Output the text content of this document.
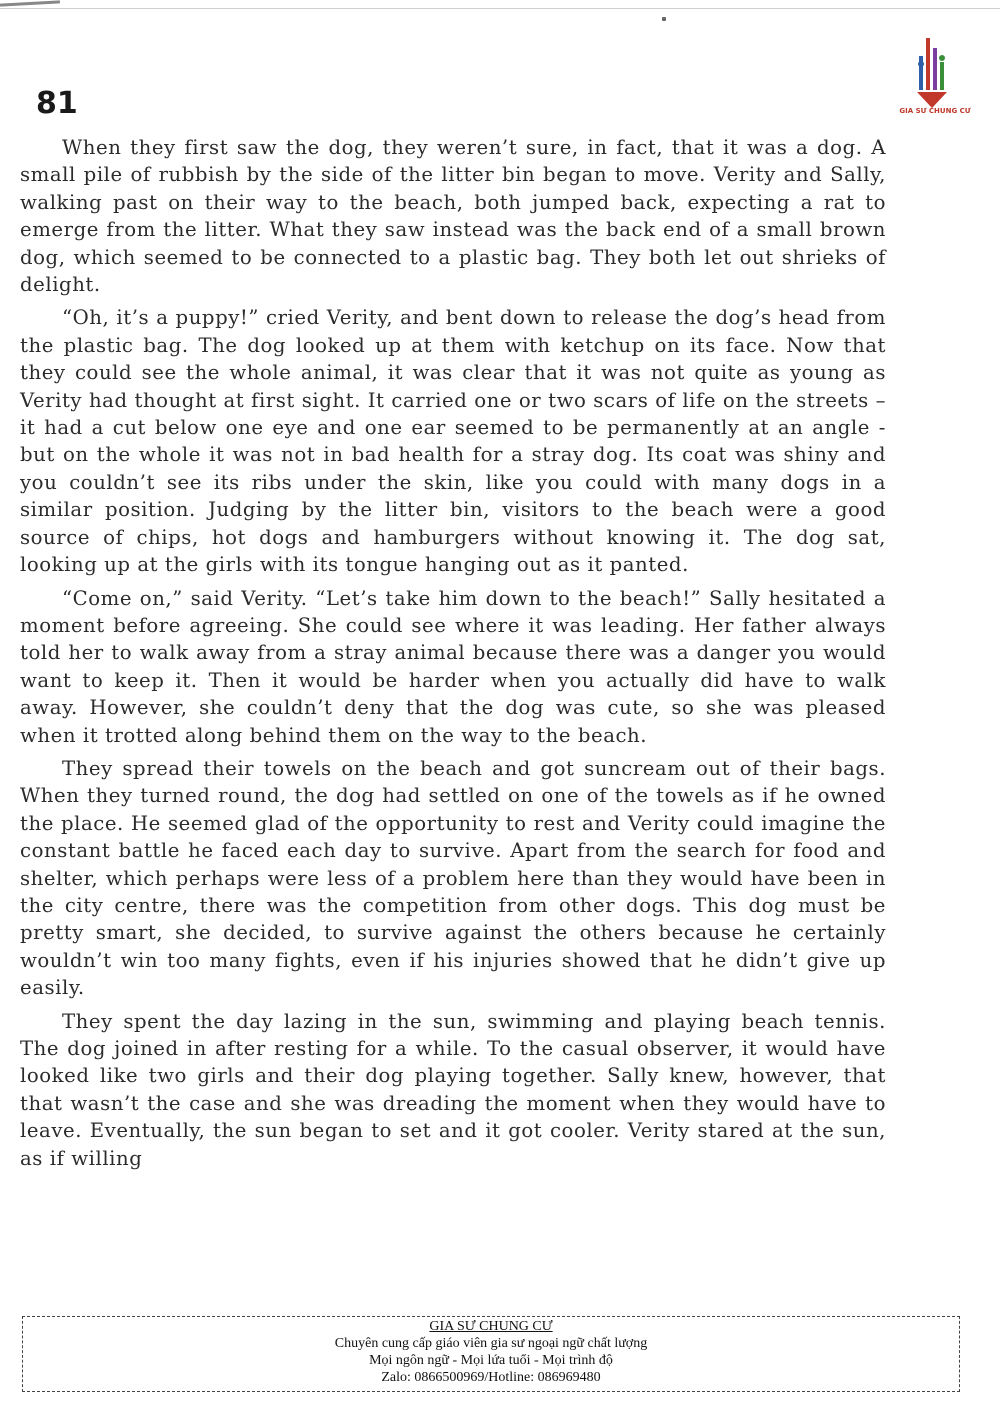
81	GIA SƯ CHUNG CƯ

When they first saw the dog, they weren’t sure, in fact, that it was a dog. A small pile of rubbish by the side of the litter bin began to move. Verity and Sally, walking past on their way to the beach, both jumped back, expecting a rat to emerge from the litter. What they saw instead was the back end of a small brown dog, which seemed to be connected to a plastic bag. They both let out shrieks of delight.

“Oh, it’s a puppy!” cried Verity, and bent down to release the dog’s head from the plastic bag. The dog looked up at them with ketchup on its face. Now that they could see the whole animal, it was clear that it was not quite as young as Verity had thought at first sight. It carried one or two scars of life on the streets – it had a cut below one eye and one ear seemed to be permanently at an angle - but on the whole it was not in bad health for a stray dog. Its coat was shiny and you couldn’t see its ribs under the skin, like you could with many dogs in a similar position. Judging by the litter bin, visitors to the beach were a good source of chips, hot dogs and hamburgers without knowing it. The dog sat, looking up at the girls with its tongue hanging out as it panted.

“Come on,” said Verity. “Let’s take him down to the beach!” Sally hesitated a moment before agreeing. She could see where it was leading. Her father always told her to walk away from a stray animal because there was a danger you would want to keep it. Then it would be harder when you actually did have to walk away. However, she couldn’t deny that the dog was cute, so she was pleased when it trotted along behind them on the way to the beach.

They spread their towels on the beach and got suncream out of their bags. When they turned round, the dog had settled on one of the towels as if he owned the place. He seemed glad of the opportunity to rest and Verity could imagine the constant battle he faced each day to survive. Apart from the search for food and shelter, which perhaps were less of a problem here than they would have been in the city centre, there was the competition from other dogs. This dog must be pretty smart, she decided, to survive against the others because he certainly wouldn’t win too many fights, even if his injuries showed that he didn’t give up easily.

They spent the day lazing in the sun, swimming and playing beach tennis. The dog joined in after resting for a while. To the casual observer, it would have looked like two girls and their dog playing together. Sally knew, however, that that wasn’t the case and she was dreading the moment when they would have to leave. Eventually, the sun began to set and it got cooler. Verity stared at the sun, as if willing

GIA SƯ CHUNG CƯ
Chuyên cung cấp giáo viên gia sư ngoại ngữ chất lượng
Mọi ngôn ngữ - Mọi lứa tuổi - Mọi trình độ
Zalo: 0866500969/Hotline: 086969480
